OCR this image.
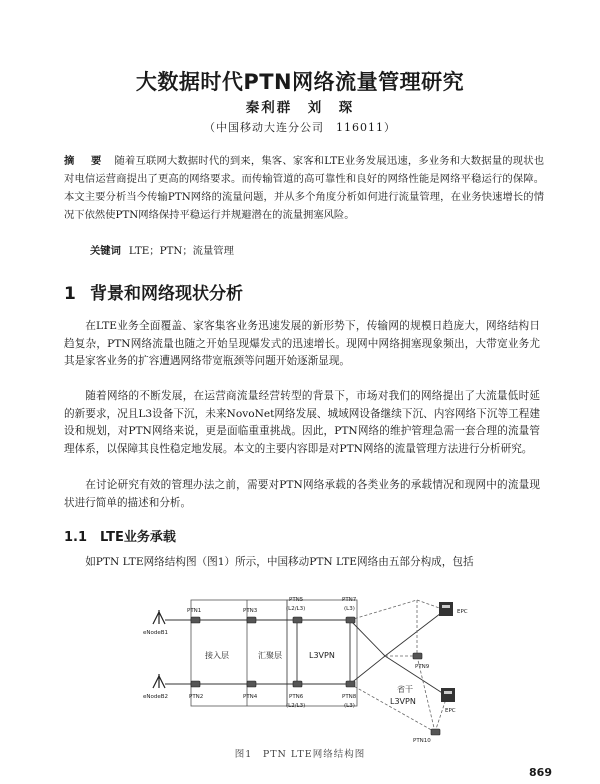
大数据时代PTN网络流量管理研究
秦利群　刘　琛
（中国移动大连分公司　116011）
摘　要 随着互联网大数据时代的到来，集客、家客和LTE业务发展迅速，多业务和大数据量的现状也对电信运营商提出了更高的网络要求。而传输管道的高可靠性和良好的网络性能是网络平稳运行的保障。本文主要分析当今传输PTN网络的流量问题，并从多个角度分析如何进行流量管理，在业务快速增长的情况下依然使PTN网络保持平稳运行并规避潜在的流量拥塞风险。
关键词 LTE；PTN；流量管理
1 背景和网络现状分析
在LTE业务全面覆盖、家客集客业务迅速发展的新形势下，传输网的规模日趋庞大，网络结构日趋复杂，PTN网络流量也随之开始呈现爆发式的迅速增长。现网中网络拥塞现象频出，大带宽业务尤其是家客业务的扩容遭遇网络带宽瓶颈等问题开始逐渐显现。
随着网络的不断发展，在运营商流量经营转型的背景下，市场对我们的网络提出了大流量低时延的新要求，况且L3设备下沉，未来NovoNet网络发展、城域网设备继续下沉、内容网络下沉等工程建设和规划，对PTN网络来说，更是面临重重挑战。因此，PTN网络的维护管理急需一套合理的流量管理体系，以保障其良性稳定地发展。本文的主要内容即是对PTN网络的流量管理方法进行分析研究。
在讨论研究有效的管理办法之前，需要对PTN网络承载的各类业务的承载情况和现网中的流量现状进行简单的描述和分析。
1.1 LTE业务承载
如PTN LTE网络结构图（图1）所示，中国移动PTN LTE网络由五部分构成，包括
eNodeB1
eNodeB2
PTN1
PTN2
PTN3
PTN4
PTN5
(L2/L3)
PTN6
(L2/L3)
PTN7
(L3)
PTN8
(L3)
PTN9
PTN10
EPC
EPC
接入层	汇聚层	L3VPN
省干
L3VPN
图1　PTN LTE网络结构图
869
